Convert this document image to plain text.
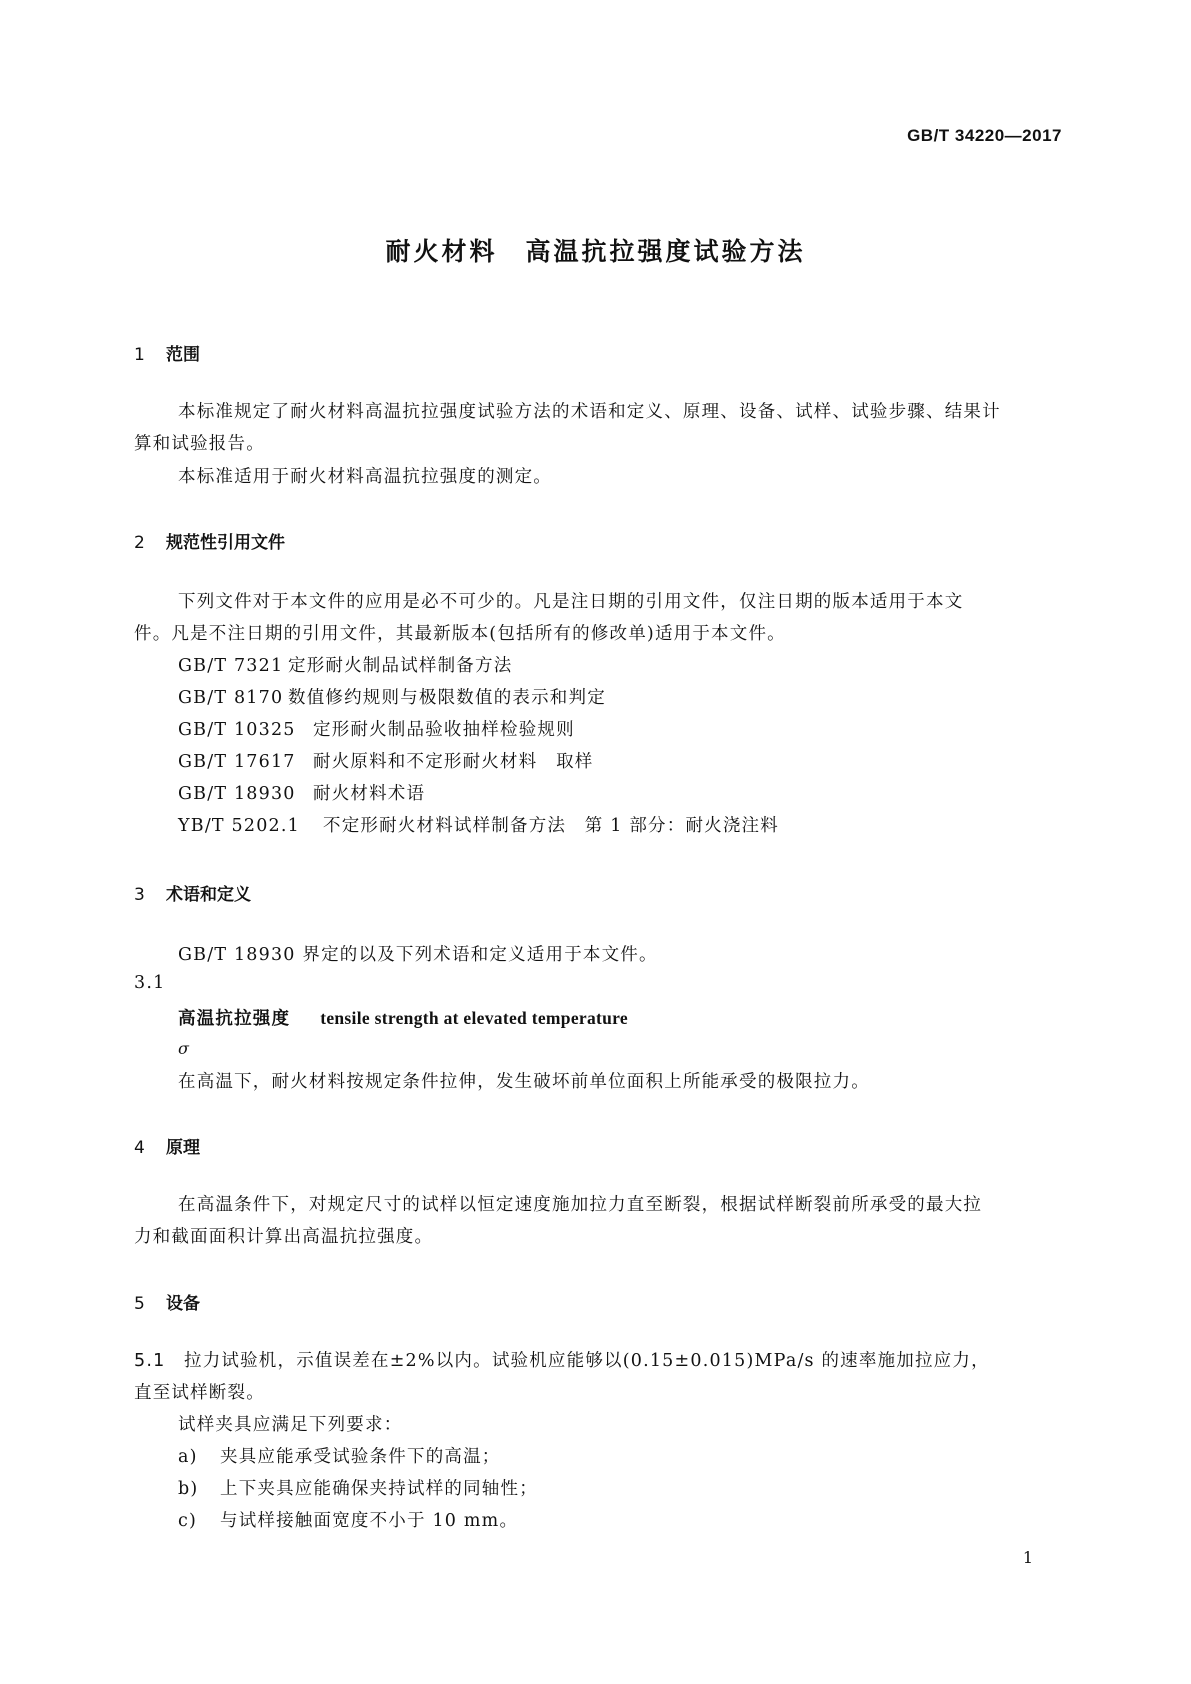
GB/T 34220—2017
耐火材料　高温抗拉强度试验方法
1 范围
本标准规定了耐火材料高温抗拉强度试验方法的术语和定义、原理、设备、试样、试验步骤、结果计
算和试验报告。
本标准适用于耐火材料高温抗拉强度的测定。
2 规范性引用文件
下列文件对于本文件的应用是必不可少的。凡是注日期的引用文件，仅注日期的版本适用于本文
件。凡是不注日期的引用文件，其最新版本(包括所有的修改单)适用于本文件。
GB/T 7321 定形耐火制品试样制备方法
GB/T 8170 数值修约规则与极限数值的表示和判定
GB/T 10325 定形耐火制品验收抽样检验规则
GB/T 17617 耐火原料和不定形耐火材料　取样
GB/T 18930 耐火材料术语
YB/T 5202.1 不定形耐火材料试样制备方法　第 1 部分：耐火浇注料
3 术语和定义
GB/T 18930 界定的以及下列术语和定义适用于本文件。
3.1
高温抗拉强度 tensile strength at elevated temperature
σ
在高温下，耐火材料按规定条件拉伸，发生破坏前单位面积上所能承受的极限拉力。
4 原理
在高温条件下，对规定尺寸的试样以恒定速度施加拉力直至断裂，根据试样断裂前所承受的最大拉
力和截面面积计算出高温抗拉强度。
5 设备
5.1 拉力试验机，示值误差在±2%以内。试验机应能够以(0.15±0.015)MPa/s 的速率施加拉应力，
直至试样断裂。
试样夹具应满足下列要求：
a) 夹具应能承受试验条件下的高温；
b) 上下夹具应能确保夹持试样的同轴性；
c) 与试样接触面宽度不小于 10 mm。
1
